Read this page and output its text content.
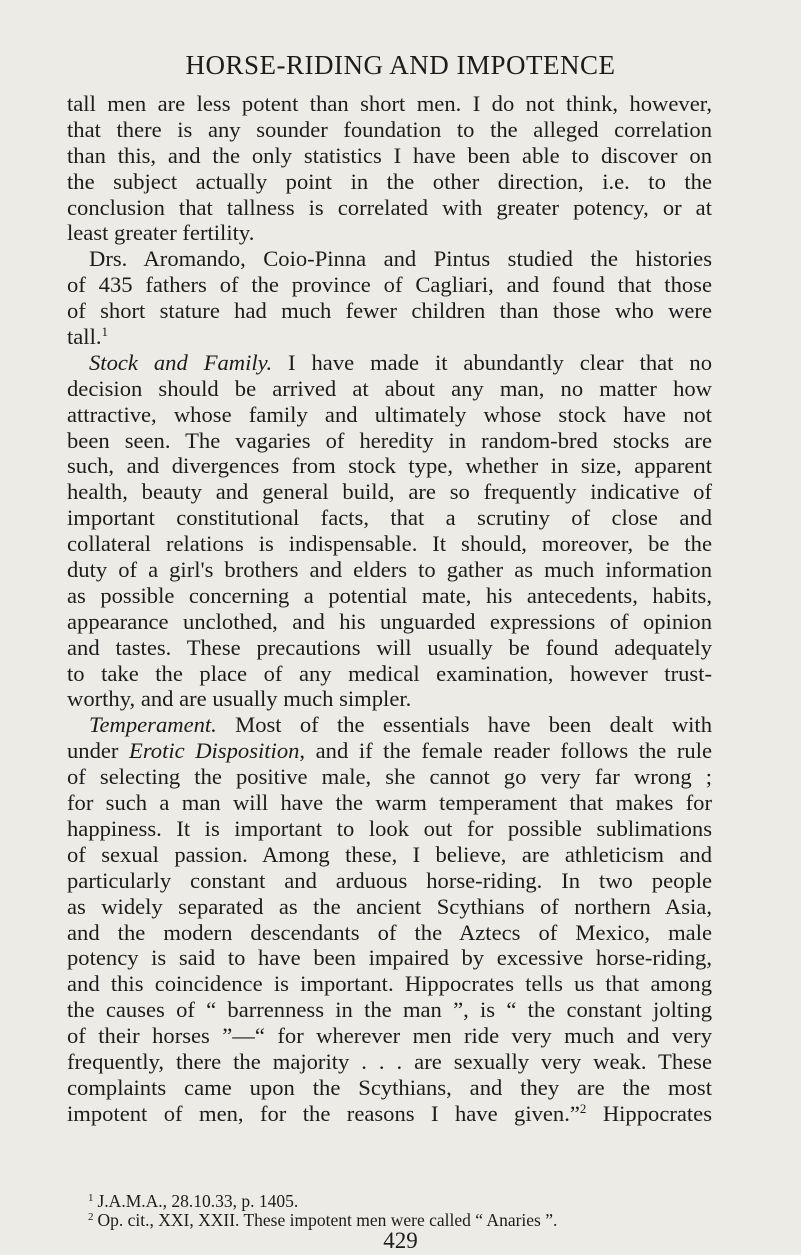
HORSE-RIDING AND IMPOTENCE
tall men are less potent than short men. I do not think, however,
that there is any sounder foundation to the alleged correlation
than this, and the only statistics I have been able to discover on
the subject actually point in the other direction, i.e. to the
conclusion that tallness is correlated with greater potency, or at
least greater fertility.
Drs. Aromando, Coio-Pinna and Pintus studied the histories
of 435 fathers of the province of Cagliari, and found that those
of short stature had much fewer children than those who were
tall.$^1$
Stock and Family. I have made it abundantly clear that no
decision should be arrived at about any man, no matter how
attractive, whose family and ultimately whose stock have not
been seen. The vagaries of heredity in random-bred stocks are
such, and divergences from stock type, whether in size, apparent
health, beauty and general build, are so frequently indicative of
important constitutional facts, that a scrutiny of close and
collateral relations is indispensable. It should, moreover, be the
duty of a girl's brothers and elders to gather as much information
as possible concerning a potential mate, his antecedents, habits,
appearance unclothed, and his unguarded expressions of opinion
and tastes. These precautions will usually be found adequately
to take the place of any medical examination, however trust-
worthy, and are usually much simpler.
Temperament. Most of the essentials have been dealt with
under Erotic Disposition, and if the female reader follows the rule
of selecting the positive male, she cannot go very far wrong ;
for such a man will have the warm temperament that makes for
happiness. It is important to look out for possible sublimations
of sexual passion. Among these, I believe, are athleticism and
particularly constant and arduous horse-riding. In two people
as widely separated as the ancient Scythians of northern Asia,
and the modern descendants of the Aztecs of Mexico, male
potency is said to have been impaired by excessive horse-riding,
and this coincidence is important. Hippocrates tells us that among
the causes of “ barrenness in the man ”, is “ the constant jolting
of their horses ”—“ for wherever men ride very much and very
frequently, there the majority . . . are sexually very weak. These
complaints came upon the Scythians, and they are the most
impotent of men, for the reasons I have given.”$^2$ Hippocrates
$^1$ J.A.M.A., 28.10.33, p. 1405.
$^2$ Op. cit., XXI, XXII. These impotent men were called “ Anaries ”.
429
